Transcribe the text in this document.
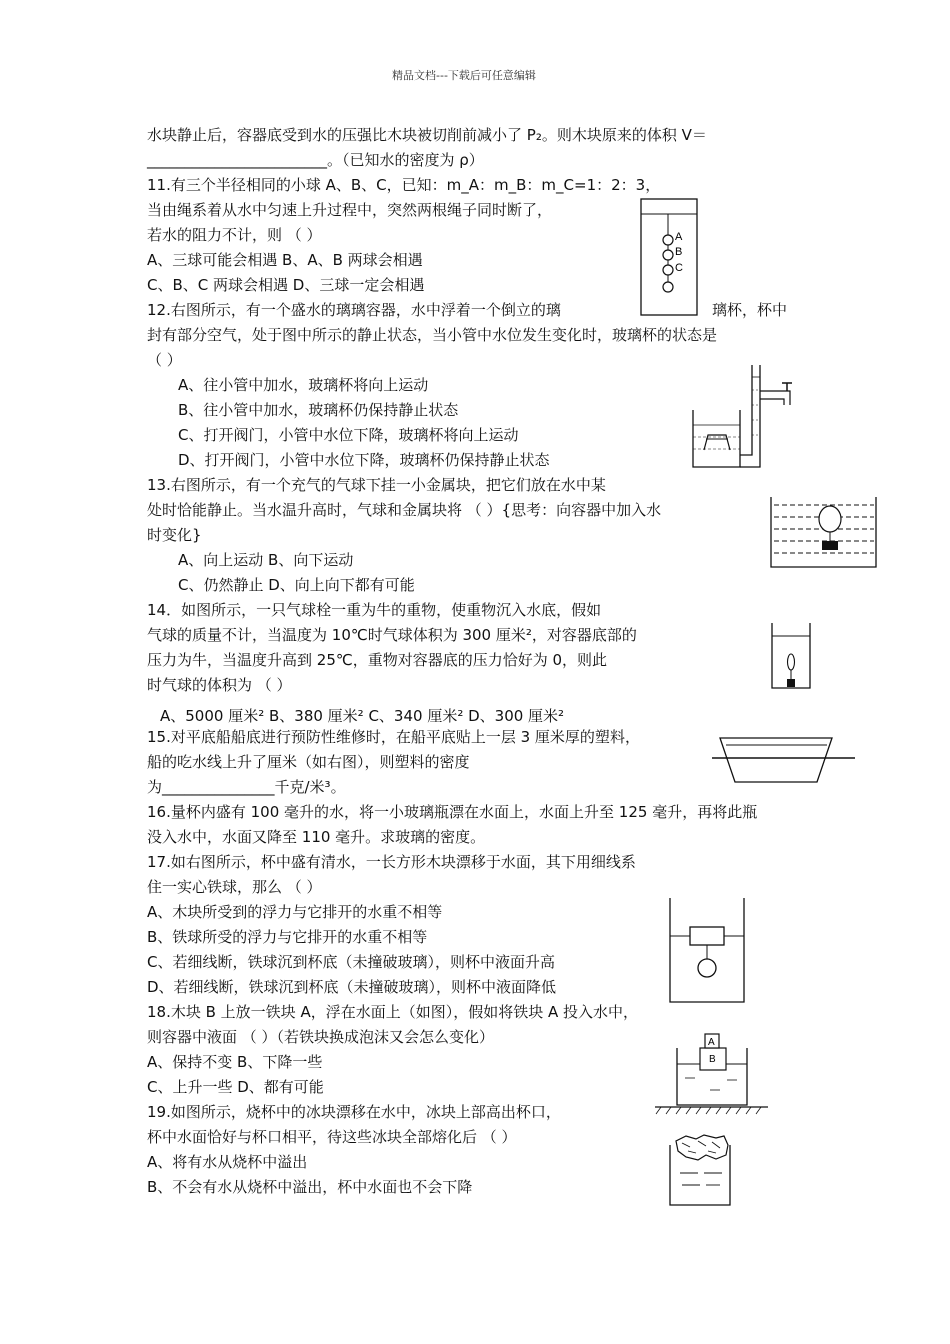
精品文档---下载后可任意编辑
水块静止后，容器底受到水的压强比木块被切削前减小了 P₂。则木块原来的体积 V＝
________________________。（已知水的密度为 ρ）
11.有三个半径相同的小球 A、B、C，已知：m_A：m_B：m_C=1：2：3，
当由绳系着从水中匀速上升过程中，突然两根绳子同时断了，
若水的阻力不计，则 （ ）
A、三球可能会相遇 B、A、B 两球会相遇
C、B、C 两球会相遇 D、三球一定会相遇
12.右图所示，有一个盛水的璃璃容器，水中浮着一个倒立的璃	璃杯，杯中
封有部分空气，处于图中所示的静止状态，当小管中水位发生变化时，玻璃杯的状态是
（ ）
A、往小管中加水，玻璃杯将向上运动
B、往小管中加水，玻璃杯仍保持静止状态
C、打开阀门，小管中水位下降，玻璃杯将向上运动
D、打开阀门，小管中水位下降，玻璃杯仍保持静止状态
13.右图所示，有一个充气的气球下挂一小金属块，把它们放在水中某
处时恰能静止。当水温升高时，气球和金属块将 （ ）{思考：向容器中加入水
时变化}
A、向上运动 B、向下运动
C、仍然静止 D、向上向下都有可能
14．如图所示，一只气球栓一重为牛的重物，使重物沉入水底，假如
气球的质量不计，当温度为 10℃时气球体积为 300 厘米²，对容器底部的
压力为牛，当温度升高到 25℃，重物对容器底的压力恰好为 0，则此
时气球的体积为 （ ）
A、5000 厘米² B、380 厘米² C、340 厘米² D、300 厘米²
15.对平底船船底进行预防性维修时，在船平底贴上一层 3 厘米厚的塑料，
船的吃水线上升了厘米（如右图），则塑料的密度
为_______________千克/米³。
16.量杯内盛有 100 毫升的水，将一小玻璃瓶漂在水面上，水面上升至 125 毫升，再将此瓶
没入水中，水面又降至 110 毫升。求玻璃的密度。
17.如右图所示，杯中盛有清水，一长方形木块漂移于水面，其下用细线系
住一实心铁球，那么 （ ）
A、木块所受到的浮力与它排开的水重不相等
B、铁球所受的浮力与它排开的水重不相等
C、若细线断，铁球沉到杯底（未撞破玻璃），则杯中液面升高
D、若细线断，铁球沉到杯底（未撞破玻璃），则杯中液面降低
18.木块 B 上放一铁块 A，浮在水面上（如图），假如将铁块 A 投入水中，
则容器中液面 （ ）（若铁块换成泡沫又会怎么变化）
A、保持不变 B、下降一些
C、上升一些 D、都有可能
19.如图所示，烧杯中的冰块漂移在水中，冰块上部高出杯口，
杯中水面恰好与杯口相平，待这些冰块全部熔化后 （ ）
A、将有水从烧杯中溢出
B、不会有水从烧杯中溢出，杯中水面也不会下降
A
B
C
A
B
